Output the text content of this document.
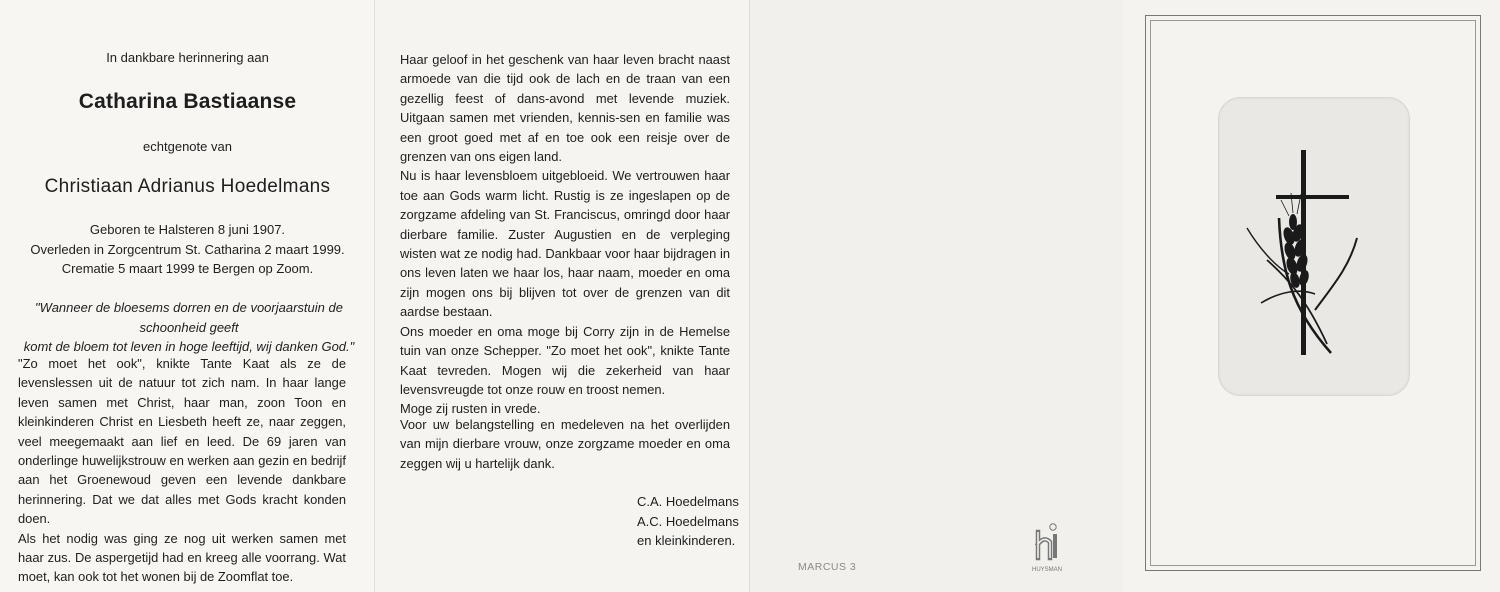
In dankbare herinnering aan
Catharina Bastiaanse
echtgenote van
Christiaan Adrianus Hoedelmans
Geboren te Halsteren 8 juni 1907.
Overleden in Zorgcentrum St. Catharina 2 maart 1999.
Crematie 5 maart 1999 te Bergen op Zoom.
"Wanneer de bloesems dorren en de voorjaarstuin de schoonheid geeft
komt de bloem tot leven in hoge leeftijd, wij danken God."

"Zo moet het ook", knikte Tante Kaat als ze de levenslessen uit de natuur tot zich nam. In haar lange leven samen met Christ, haar man, zoon Toon en kleinkinderen Christ en Liesbeth heeft ze, naar zeggen, veel meegemaakt aan lief en leed. De 69 jaren van onderlinge huwelijkstrouw en werken aan gezin en bedrijf aan het Groenewoud geven een levende dankbare herinnering. Dat we dat alles met Gods kracht konden doen.

Als het nodig was ging ze nog uit werken samen met haar zus. De aspergetijd had en kreeg alle voorrang. Wat moet, kan ook tot het wonen bij de Zoomflat toe.

Haar geloof in het geschenk van haar leven bracht naast armoede van die tijd ook de lach en de traan van een gezellig feest of dans-avond met levende muziek. Uitgaan samen met vrienden, kennis-sen en familie was een groot goed met af en toe ook een reisje over de grenzen van ons eigen land.

Nu is haar levensbloem uitgebloeid. We vertrouwen haar toe aan Gods warm licht. Rustig is ze ingeslapen op de zorgzame afdeling van St. Franciscus, omringd door haar dierbare familie. Zuster Augustien en de verpleging wisten wat ze nodig had. Dankbaar voor haar bijdragen in ons leven laten we haar los, haar naam, moeder en oma zijn mogen ons bij blijven tot over de grenzen van dit aardse bestaan.

Ons moeder en oma moge bij Corry zijn in de Hemelse tuin van onze Schepper. "Zo moet het ook", knikte Tante Kaat tevreden. Mogen wij die zekerheid van haar levensvreugde tot onze rouw en troost nemen.

Moge zij rusten in vrede.

Voor uw belangstelling en medeleven na het overlijden van mijn dierbare vrouw, onze zorgzame moeder en oma zeggen wij u hartelijk dank.
C.A. Hoedelmans
A.C. Hoedelmans
en kleinkinderen.
MARCUS 3	HUYSMAN
